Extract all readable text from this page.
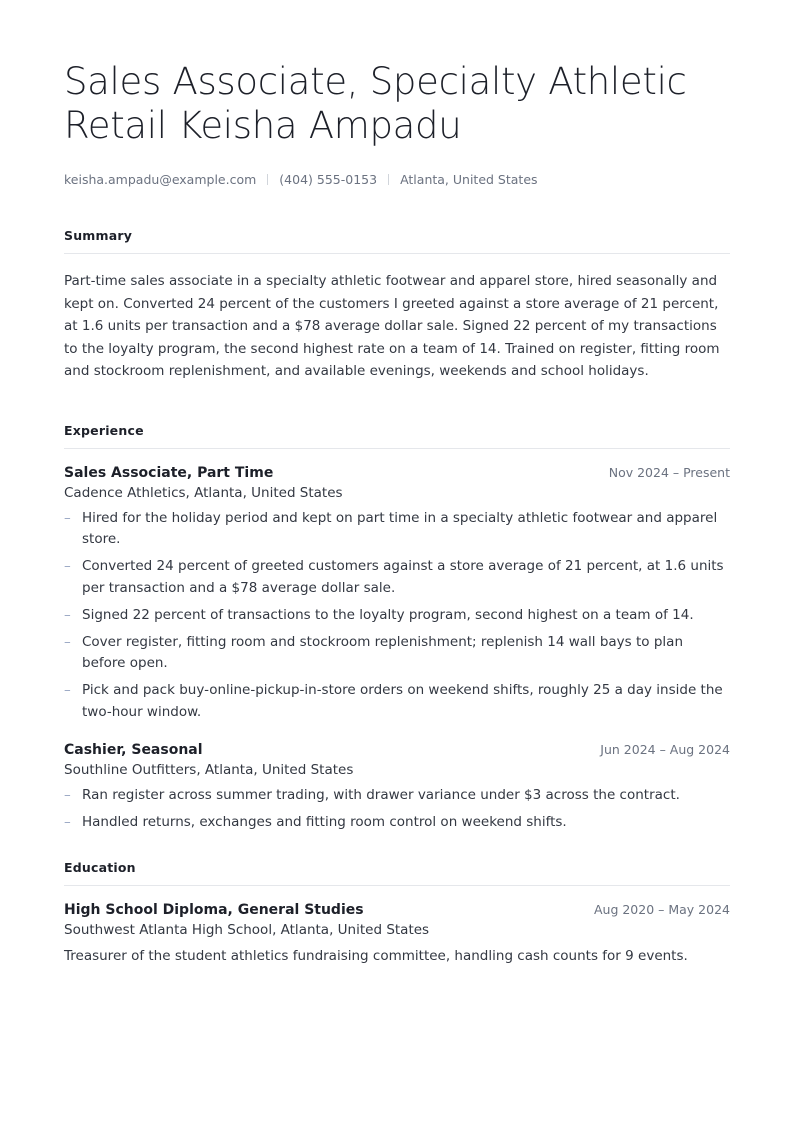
Sales Associate, Specialty Athletic Retail Keisha Ampadu
keisha.ampadu@example.com (404) 555-0153 Atlanta, United States
Summary

Part-time sales associate in a specialty athletic footwear and apparel store, hired seasonally and kept on. Converted 24 percent of the customers I greeted against a store average of 21 percent, at 1.6 units per transaction and a $78 average dollar sale. Signed 22 percent of my transactions to the loyalty program, the second highest rate on a team of 14. Trained on register, fitting room and stockroom replenishment, and available evenings, weekends and school holidays.

Experience
Sales Associate, Part Time	Nov 2024 – Present
Cadence Athletics, Atlanta, United States
– Hired for the holiday period and kept on part time in a specialty athletic footwear and apparel store.
– Converted 24 percent of greeted customers against a store average of 21 percent, at 1.6 units per transaction and a $78 average dollar sale.
– Signed 22 percent of transactions to the loyalty program, second highest on a team of 14.
– Cover register, fitting room and stockroom replenishment; replenish 14 wall bays to plan before open.
– Pick and pack buy-online-pickup-in-store orders on weekend shifts, roughly 25 a day inside the two-hour window.
Cashier, Seasonal	Jun 2024 – Aug 2024
Southline Outfitters, Atlanta, United States
– Ran register across summer trading, with drawer variance under $3 across the contract.
– Handled returns, exchanges and fitting room control on weekend shifts.
Education
High School Diploma, General Studies	Aug 2020 – May 2024
Southwest Atlanta High School, Atlanta, United States

Treasurer of the student athletics fundraising committee, handling cash counts for 9 events.
